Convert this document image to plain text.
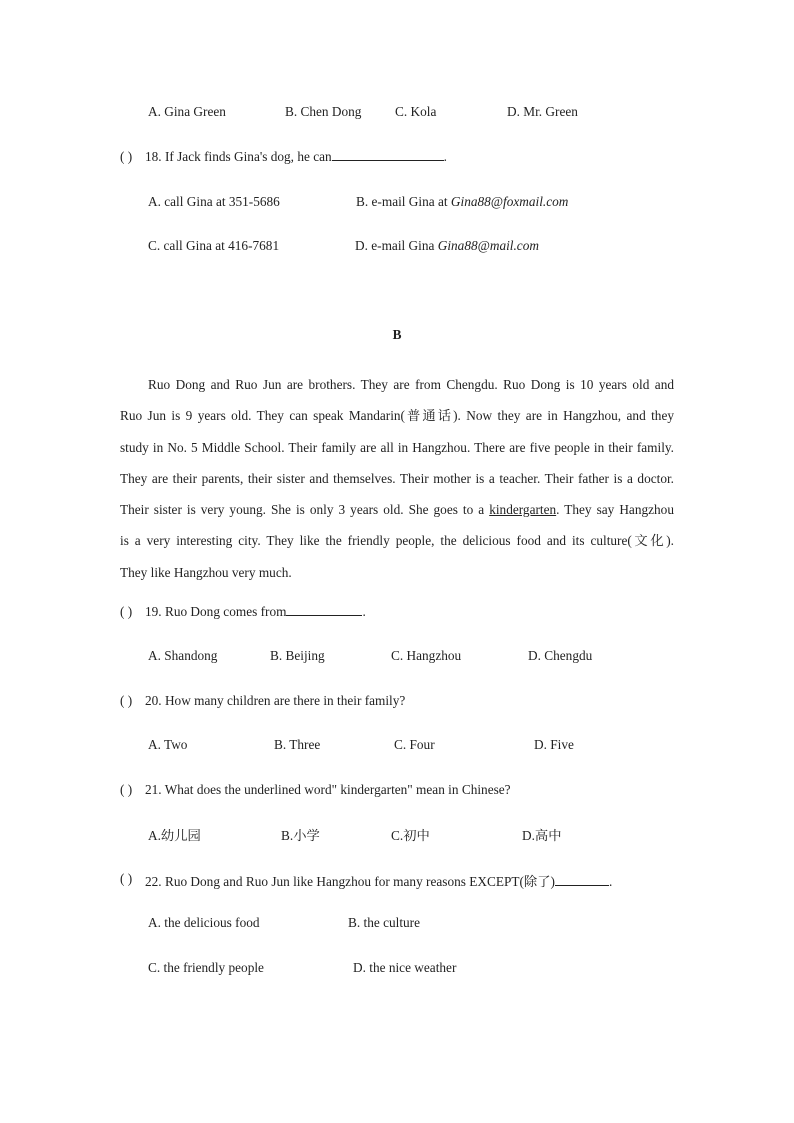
A. Gina Green	B. Chen Dong	C. Kola	D. Mr. Green
( ) 18. If Jack finds Gina's dog, he can	.
A. call Gina at 351-5686	B. e-mail Gina at Gina88@foxmail.com
C. call Gina at 416-7681	D. e-mail Gina Gina88@mail.com
B
Ruo Dong and Ruo Jun are brothers. They are from Chengdu. Ruo Dong is 10 years old and
Ruo Jun is 9 years old. They can speak Mandarin(普通话). Now they are in Hangzhou, and they
study in No. 5 Middle School. Their family are all in Hangzhou. There are five people in their family.
They are their parents, their sister and themselves. Their mother is a teacher. Their father is a doctor.
Their sister is very young. She is only 3 years old. She goes to a kindergarten. They say Hangzhou
is a very interesting city. They like the friendly people, the delicious food and its culture(文化).
They like Hangzhou very much.
( ) 19. Ruo Dong comes from	.
A. Shandong	B. Beijing	C. Hangzhou	D. Chengdu
( ) 20. How many children are there in their family?
A. Two	B. Three	C. Four	D. Five
( ) 21. What does the underlined word" kindergarten" mean in Chinese?
A.幼儿园	B.小学	C.初中	D.高中
( ) 22. Ruo Dong and Ruo Jun like Hangzhou for many reasons EXCEPT(除了)	.
A. the delicious food	B. the culture
C. the friendly people	D. the nice weather
